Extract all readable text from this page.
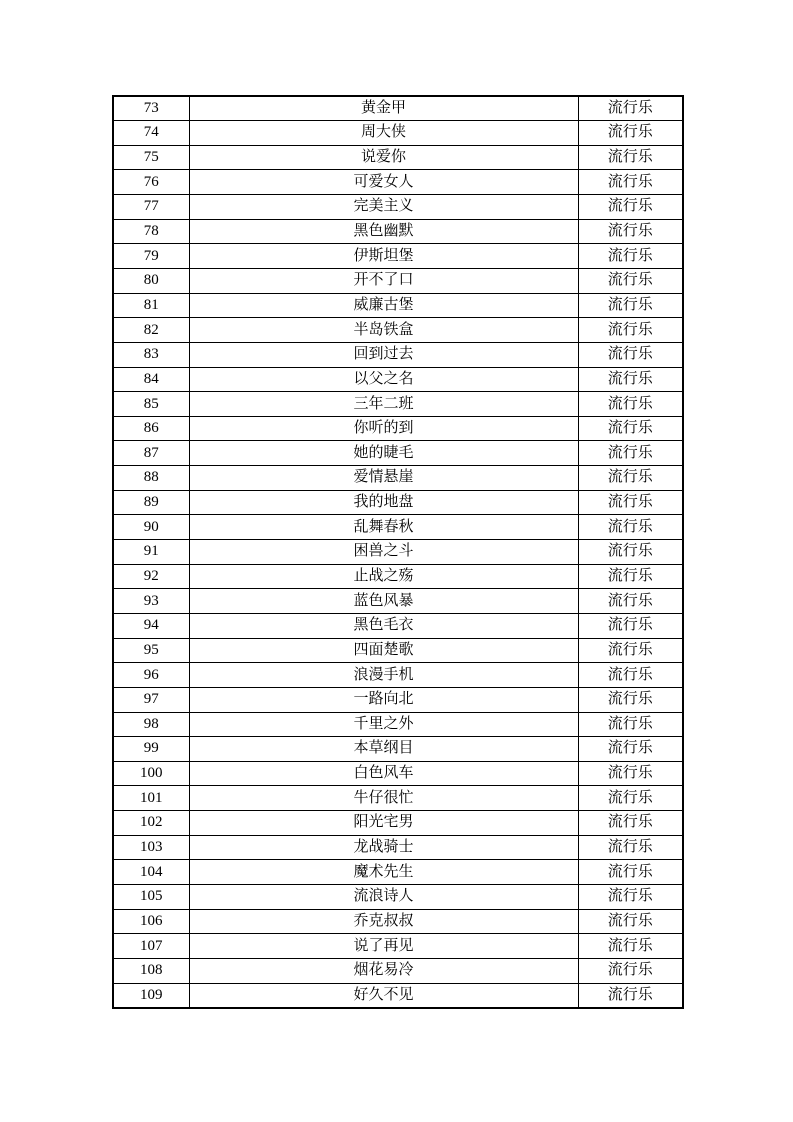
73	黄金甲	流行乐
74	周大侠	流行乐
75	说爱你	流行乐
76	可爱女人	流行乐
77	完美主义	流行乐
78	黑色幽默	流行乐
79	伊斯坦堡	流行乐
80	开不了口	流行乐
81	威廉古堡	流行乐
82	半岛铁盒	流行乐
83	回到过去	流行乐
84	以父之名	流行乐
85	三年二班	流行乐
86	你听的到	流行乐
87	她的睫毛	流行乐
88	爱情悬崖	流行乐
89	我的地盘	流行乐
90	乱舞春秋	流行乐
91	困兽之斗	流行乐
92	止战之殇	流行乐
93	蓝色风暴	流行乐
94	黑色毛衣	流行乐
95	四面楚歌	流行乐
96	浪漫手机	流行乐
97	一路向北	流行乐
98	千里之外	流行乐
99	本草纲目	流行乐
100	白色风车	流行乐
101	牛仔很忙	流行乐
102	阳光宅男	流行乐
103	龙战骑士	流行乐
104	魔术先生	流行乐
105	流浪诗人	流行乐
106	乔克叔叔	流行乐
107	说了再见	流行乐
108	烟花易冷	流行乐
109	好久不见	流行乐
